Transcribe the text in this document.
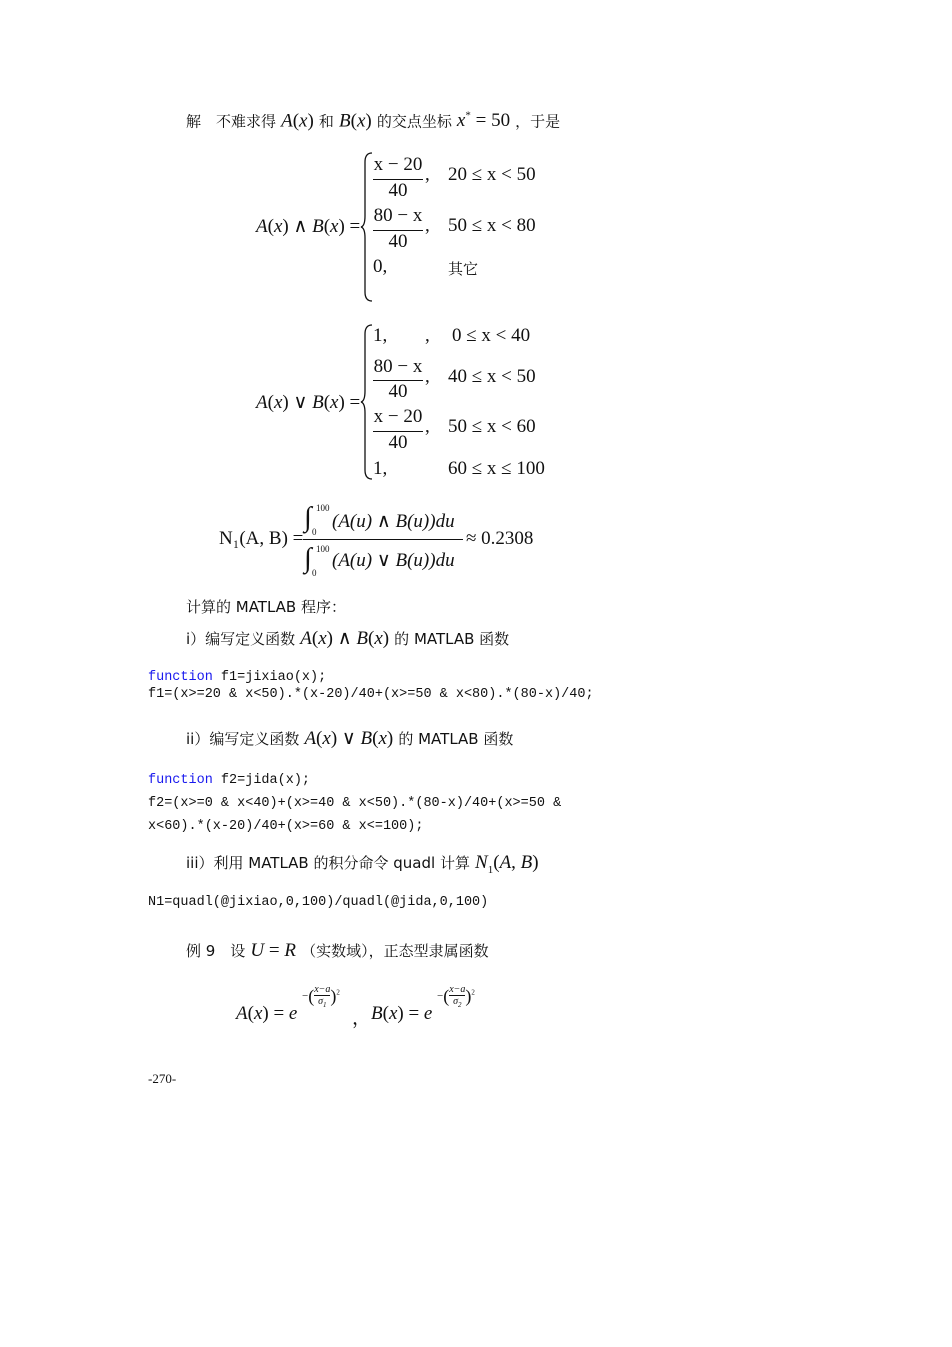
解　不难求得 A(x) 和 B(x) 的交点坐标 x* = 50 ，于是
A(x) ∧ B(x) =
x − 20
40
, 20 ≤ x < 50
80 − x
40
, 50 ≤ x < 80
0,	其它
A(x) ∨ B(x) =
1, , 0 ≤ x < 40
80 − x
40
, 40 ≤ x < 50
x − 20
40
, 50 ≤ x < 60
1,	60 ≤ x ≤ 100
N₁(A, B) =
∫ 100
0 (A(u) ∧ B(u))du
∫ 100
0
(A(u) ∨ B(u))du
≈ 0.2308
计算的 MATLAB 程序：
i）编写定义函数 A(x) ∧ B(x) 的 MATLAB 函数
function f1=jixiao(x);
f1=(x>=20 & x<50).*(x-20)/40+(x>=50 & x<80).*(80-x)/40;
ii）编写定义函数 A(x) ∨ B(x) 的 MATLAB 函数
function f2=jida(x);
f2=(x>=0 & x<40)+(x>=40 & x<50).*(80-x)/40+(x>=50 &
x<60).*(x-20)/40+(x>=60 & x<=100);
iii）利用 MATLAB 的积分命令 quadl 计算 $N_1(A$, B)
N1=quadl(@jixiao,0,100)/quadl(@jida,0,100)
例 9　设 U = R （实数域），正态型隶属函数
A(x) = e
−( $\frac{x-a}{\sigma_1} )^2$
， B(x) = e
−( $\frac{x-a}{\sigma_2} )^2$
-270-
